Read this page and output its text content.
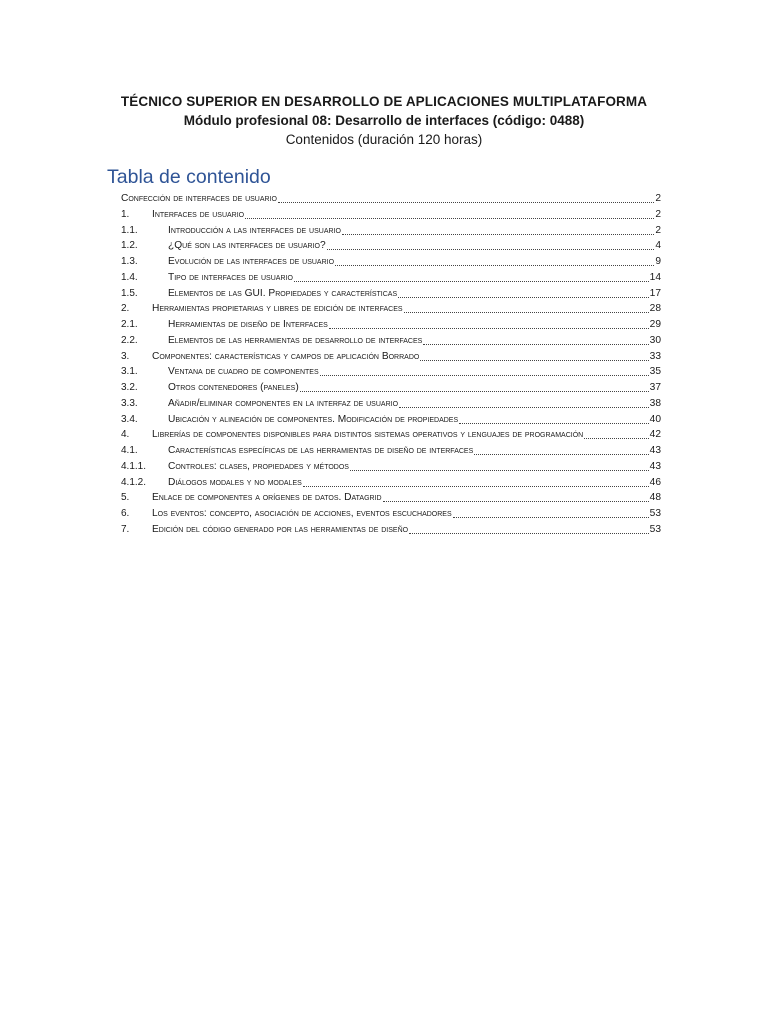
TÉCNICO SUPERIOR EN DESARROLLO DE APLICACIONES MULTIPLATAFORMA
Módulo profesional 08: Desarrollo de interfaces (código: 0488)
Contenidos (duración 120 horas)
Tabla de contenido
Confección de interfaces de usuario	2
1.	Interfaces de usuario	2
1.1.	Introducción a las interfaces de usuario	2
1.2.	¿Qué son las interfaces de usuario?	4
1.3.	Evolución de las interfaces de usuario	9
1.4.	Tipo de interfaces de usuario	14
1.5.	Elementos de las GUI. Propiedades y características	17
2.	Herramientas propietarias y libres de edición de interfaces	28
2.1.	Herramientas de diseño de Interfaces	29
2.2.	Elementos de las herramientas de desarrollo de interfaces	30
3.	Componentes: características y campos de aplicación Borrado	33
3.1.	Ventana de cuadro de componentes	35
3.2.	Otros contenedores (paneles)	37
3.3.	Añadir/eliminar componentes en la interfaz de usuario	38
3.4.	Ubicación y alineación de componentes. Modificación de propiedades	40
4.	Librerías de componentes disponibles para distintos sistemas operativos y lenguajes de programación	42
4.1.	Características específicas de las herramientas de diseño de interfaces	43
4.1.1.	Controles: clases, propiedades y métodos	43
4.1.2.	Diálogos modales y no modales	46
5.	Enlace de componentes a orígenes de datos. Datagrid	48
6.	Los eventos: concepto, asociación de acciones, eventos escuchadores	53
7.	Edición del código generado por las herramientas de diseño	53
